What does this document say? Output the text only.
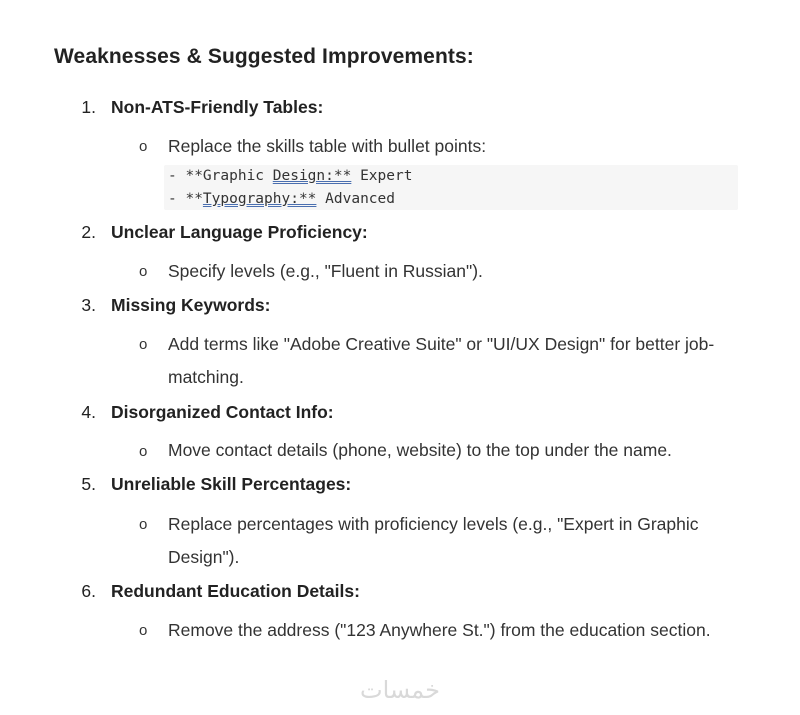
Weaknesses & Suggested Improvements:
1. Non-ATS-Friendly Tables:
o Replace the skills table with bullet points:
- **Graphic Design:** Expert
- **Typography:** Advanced
2. Unclear Language Proficiency:
o Specify levels (e.g., "Fluent in Russian").
3. Missing Keywords:
o Add terms like "Adobe Creative Suite" or "UI/UX Design" for better job-matching.
4. Disorganized Contact Info:
o Move contact details (phone, website) to the top under the name.
5. Unreliable Skill Percentages:
o Replace percentages with proficiency levels (e.g., "Expert in Graphic Design").
6. Redundant Education Details:
o Remove the address ("123 Anywhere St.") from the education section.
خمسات
